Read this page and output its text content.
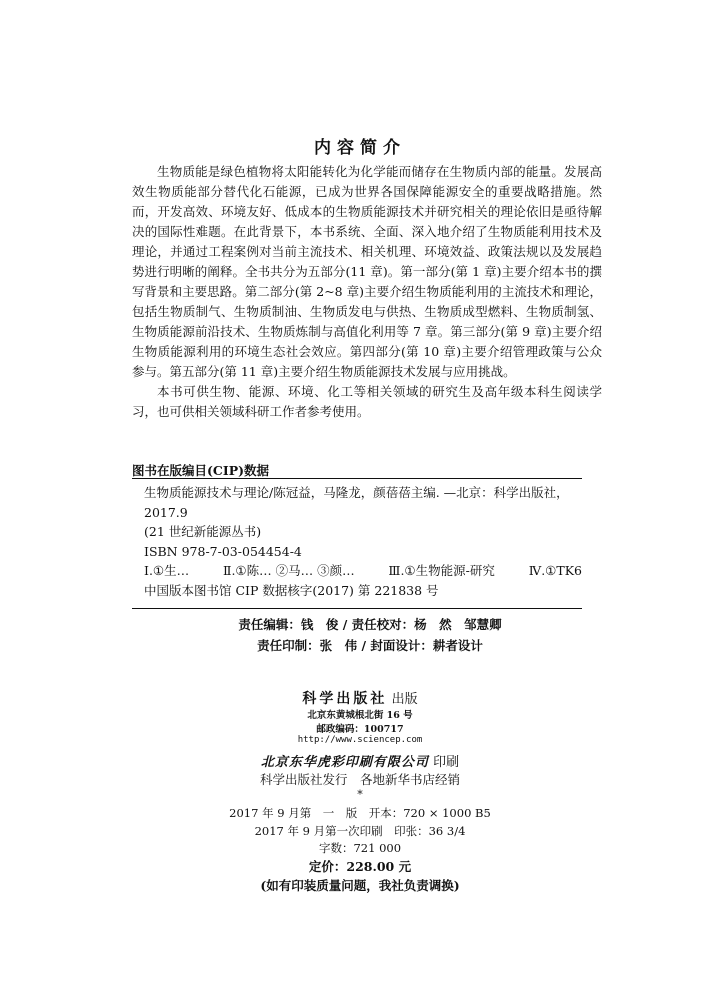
内容简介

生物质能是绿色植物将太阳能转化为化学能而储存在生物质内部的能量。发展高效生物质能部分替代化石能源，已成为世界各国保障能源安全的重要战略措施。然而，开发高效、环境友好、低成本的生物质能源技术并研究相关的理论依旧是亟待解决的国际性难题。在此背景下，本书系统、全面、深入地介绍了生物质能利用技术及理论，并通过工程案例对当前主流技术、相关机理、环境效益、政策法规以及发展趋势进行明晰的阐释。全书共分为五部分(11 章)。第一部分(第 1 章)主要介绍本书的撰写背景和主要思路。第二部分(第 2~8 章)主要介绍生物质能利用的主流技术和理论，包括生物质制气、生物质制油、生物质发电与供热、生物质成型燃料、生物质制氢、生物质能源前沿技术、生物质炼制与高值化利用等 7 章。第三部分(第 9 章)主要介绍生物质能源利用的环境生态社会效应。第四部分(第 10 章)主要介绍管理政策与公众参与。第五部分(第 11 章)主要介绍生物质能源技术发展与应用挑战。

本书可供生物、能源、环境、化工等相关领域的研究生及高年级本科生阅读学习，也可供相关领域科研工作者参考使用。

图书在版编目(CIP)数据
生物质能源技术与理论/陈冠益，马隆龙，颜蓓蓓主编. —北京：科学出版社，2017.9
(21 世纪新能源丛书)
ISBN 978-7-03-054454-4
Ⅰ.①生…	Ⅱ.①陈… ②马… ③颜…	Ⅲ.①生物能源-研究	Ⅳ.①TK6
中国版本图书馆 CIP 数据核字(2017) 第 221838 号
责任编辑：钱　俊 / 责任校对：杨　然　邹慧卿
责任印制：张　伟 / 封面设计：耕者设计
科学出版社 出版
北京东黄城根北街 16 号
邮政编码：100717
http://www.sciencep.com
北京东华虎彩印刷有限公司 印刷
科学出版社发行　各地新华书店经销
*
2017 年 9 月第　一　版　开本：720 × 1000 B5
2017 年 9 月第一次印刷　印张：36 3/4
字数：721 000
定价：228.00 元
(如有印装质量问题，我社负责调换)
